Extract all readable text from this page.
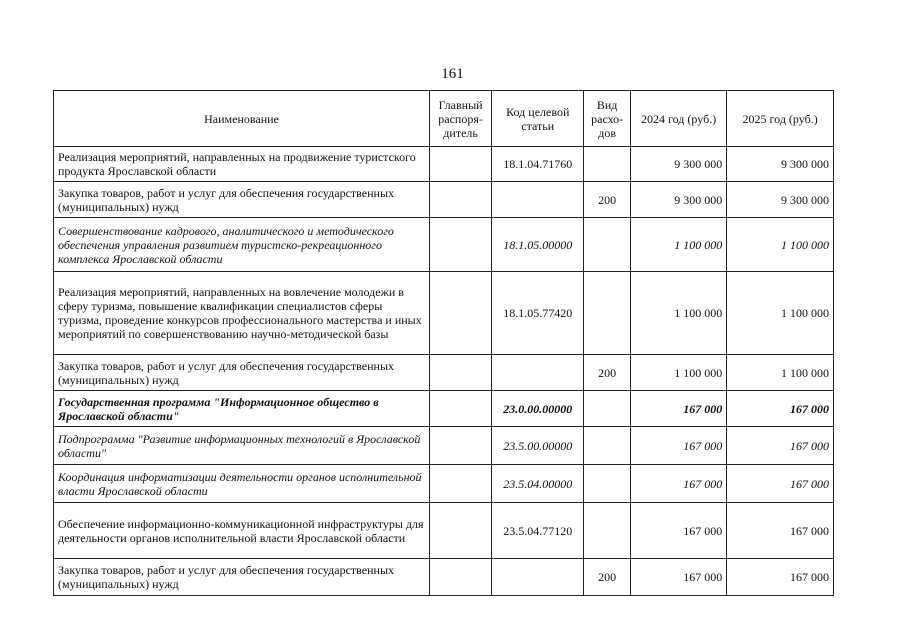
161
Наименование	Главный распоря-дитель	Код целевой статьи	Вид расхо-дов	2024 год (руб.)	2025 год (руб.)
Реализация мероприятий, направленных на продвижение туристского продукта Ярославской области		18.1.04.71760		9 300 000	9 300 000
Закупка товаров, работ и услуг для обеспечения государственных (муниципальных) нужд			200	9 300 000	9 300 000
Совершенствование кадрового, аналитического и методического обеспечения управления развитием туристско-рекреационного комплекса Ярославской области		18.1.05.00000		1 100 000	1 100 000
Реализация мероприятий, направленных на вовлечение молодежи в сферу туризма, повышение квалификации специалистов сферы туризма, проведение конкурсов профессионального мастерства и иных мероприятий по совершенствованию научно-методической базы		18.1.05.77420		1 100 000	1 100 000
Закупка товаров, работ и услуг для обеспечения государственных (муниципальных) нужд			200	1 100 000	1 100 000
Государственная программа "Информационное общество в Ярославской области"		23.0.00.00000		167 000	167 000
Подпрограмма "Развитие информационных технологий в Ярославской области"		23.5.00.00000		167 000	167 000
Координация информатизации деятельности органов исполнительной власти Ярославской области		23.5.04.00000		167 000	167 000
Обеспечение информационно-коммуникационной инфраструктуры для деятельности органов исполнительной власти Ярославской области		23.5.04.77120		167 000	167 000
Закупка товаров, работ и услуг для обеспечения государственных (муниципальных) нужд			200	167 000	167 000
